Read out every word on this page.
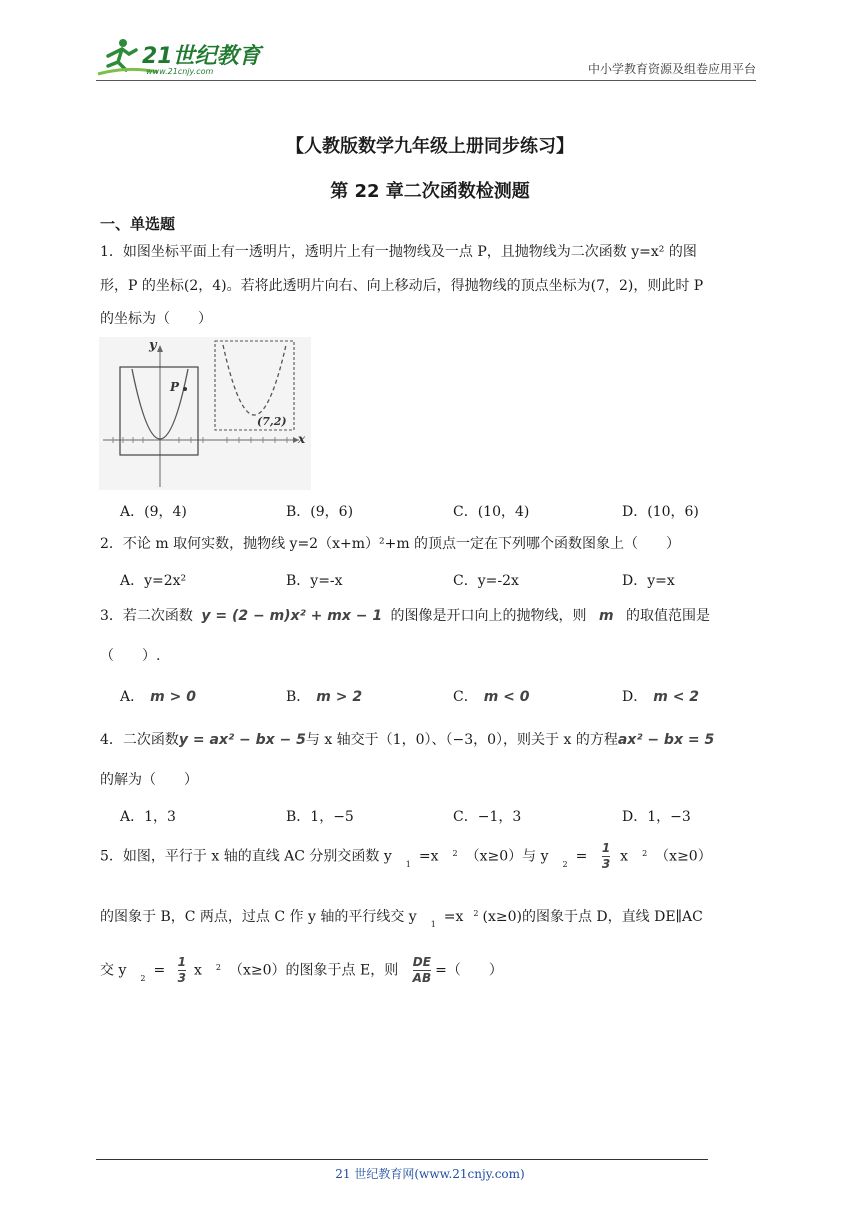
21世纪教育
www.21cnjy.com	中小学教育资源及组卷应用平台
【人教版数学九年级上册同步练习】
第 22 章二次函数检测题
一、单选题
1．如图坐标平面上有一透明片，透明片上有一抛物线及一点 P，且抛物线为二次函数 y=x² 的图
形，P 的坐标(2，4)。若将此透明片向右、向上移动后，得抛物线的顶点坐标为(7，2)，则此时 P
的坐标为（　　）
y
x
P
(7,2)
A．(9，4)	B．(9，6)	C．(10，4)	D．(10，6)
2．不论 m 取何实数，抛物线 y=2（x+m）²+m 的顶点一定在下列哪个函数图象上（　　）
A．y=2x²	B．y=-x	C．y=-2x	D．y=x
3．若二次函数 y = (2 − m)x² + mx − 1 的图像是开口向上的抛物线，则 m 的取值范围是
（　　）.
A． m > 0	B． m > 2	C． m < 0	D． m < 2
4．二次函数y = ax² − bx − 5与 x 轴交于（1，0）、（−3，0），则关于 x 的方程ax² − bx = 5
的解为（　　）
A．1，3	B．1，−5	C．−1，3	D．1，−3
5．如图，平行于 x 轴的直线 AC 分别交函数 y $_1$ =x $^2$ （x≥0）与 y $_2 = \frac{1}{3}$ x $^2$ （x≥0）
的图象于 B，C 两点，过点 C 作 y 轴的平行线交 y $_1$ =x $^2$ (x≥0)的图象于点 D，直线 DE∥AC
交 y $_2 = \frac{1}{3}$ x $^2$ （x≥0）的图象于点 E，则 $\frac{DE}{AB}$ =（　　）
21 世纪教育网(www.21cnjy.com)
